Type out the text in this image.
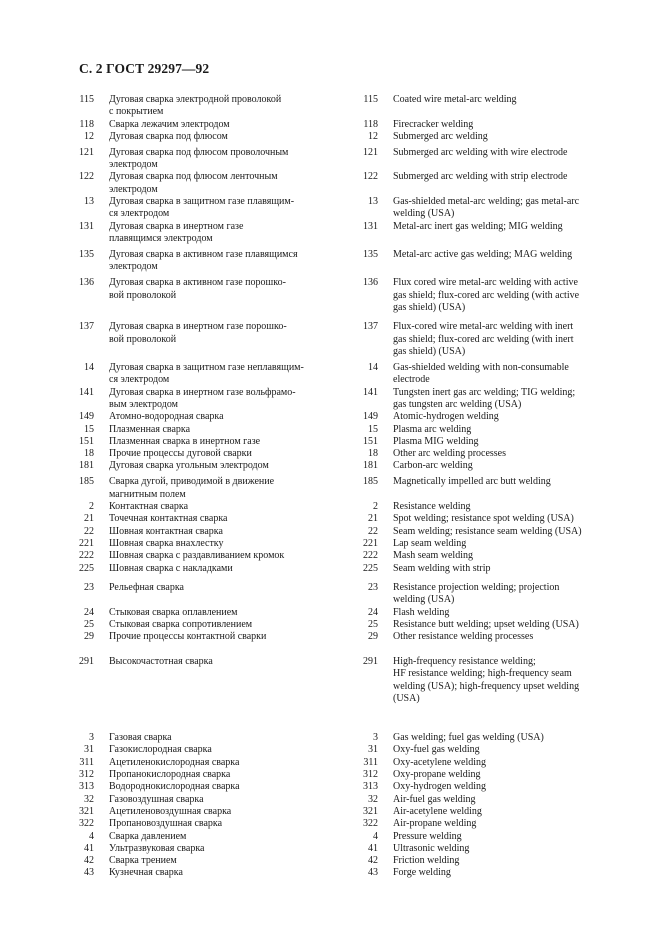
С. 2 ГОСТ 29297—92
115	Дуговая сварка электродной проволокой
с покрытием
118	Сварка лежачим электродом
12	Дуговая сварка под флюсом
121	Дуговая сварка под флюсом проволочным
электродом
122	Дуговая сварка под флюсом ленточным
электродом
13	Дуговая сварка в защитном газе плавящим-
ся электродом
131	Дуговая сварка в инертном газе
плавящимся электродом
135	Дуговая сварка в активном газе плавящимся
электродом
136	Дуговая сварка в активном газе порошко-
вой проволокой
137	Дуговая сварка в инертном газе порошко-
вой проволокой
14	Дуговая сварка в защитном газе неплавящим-
ся электродом
141	Дуговая сварка в инертном газе вольфрамо-
вым электродом
149	Атомно-водородная сварка
15	Плазменная сварка
151	Плазменная сварка в инертном газе
18	Прочие процессы дуговой сварки
181	Дуговая сварка угольным электродом
185	Сварка дугой, приводимой в движение
магнитным полем
2	Контактная сварка
21	Точечная контактная сварка
22	Шовная контактная сварка
221	Шовная сварка внахлестку
222	Шовная сварка с раздавливанием кромок
225	Шовная сварка с накладками
23	Рельефная сварка
24	Стыковая сварка оплавлением
25	Стыковая сварка сопротивлением
29	Прочие процессы контактной сварки
291	Высокочастотная сварка
3	Газовая сварка
31	Газокислородная сварка
311	Ацетиленокислородная сварка
312	Пропанокислородная сварка
313	Водороднокислородная сварка
32	Газовоздушная сварка
321	Ацетиленовоздушная сварка
322	Пропановоздушная сварка
4	Сварка давлением
41	Ультразвуковая сварка
42	Сварка трением
43	Кузнечная сварка
115	Coated wire metal-arc welding
118	Firecracker welding
12	Submerged arc welding
121	Submerged arc welding with wire electrode
122	Submerged arc welding with strip electrode
13	Gas-shielded metal-arc welding; gas metal-arc
welding (USA)
131	Metal-arc inert gas welding; MIG welding
135	Metal-arc active gas welding; MAG welding
136	Flux cored wire metal-arc welding with active
gas shield; flux-cored arc welding (with active
gas shield) (USA)
137	Flux-cored wire metal-arc welding with inert
gas shield; flux-cored arc welding (with inert
gas shield) (USA)
14	Gas-shielded welding with non-consumable
electrode
141	Tungsten inert gas arc welding; TIG welding;
gas tungsten arc welding (USA)
149	Atomic-hydrogen welding
15	Plasma arc welding
151	Plasma MIG welding
18	Other arc welding processes
181	Carbon-arc welding
185	Magnetically impelled arc butt welding
2	Resistance welding
21	Spot welding; resistance spot welding (USA)
22	Seam welding; resistance seam welding (USA)
221	Lap seam welding
222	Mash seam welding
225	Seam welding with strip
23	Resistance projection welding; projection
welding (USA)
24	Flash welding
25	Resistance butt welding; upset welding (USA)
29	Other resistance welding processes
291	High-frequency resistance welding;
HF resistance welding; high-frequency seam
welding (USA); high-frequency upset welding
(USA)
3	Gas welding; fuel gas welding (USA)
31	Oxy-fuel gas welding
311	Oxy-acetylene welding
312	Oxy-propane welding
313	Oxy-hydrogen welding
32	Air-fuel gas welding
321	Air-acetylene welding
322	Air-propane welding
4	Pressure welding
41	Ultrasonic welding
42	Friction welding
43	Forge welding
